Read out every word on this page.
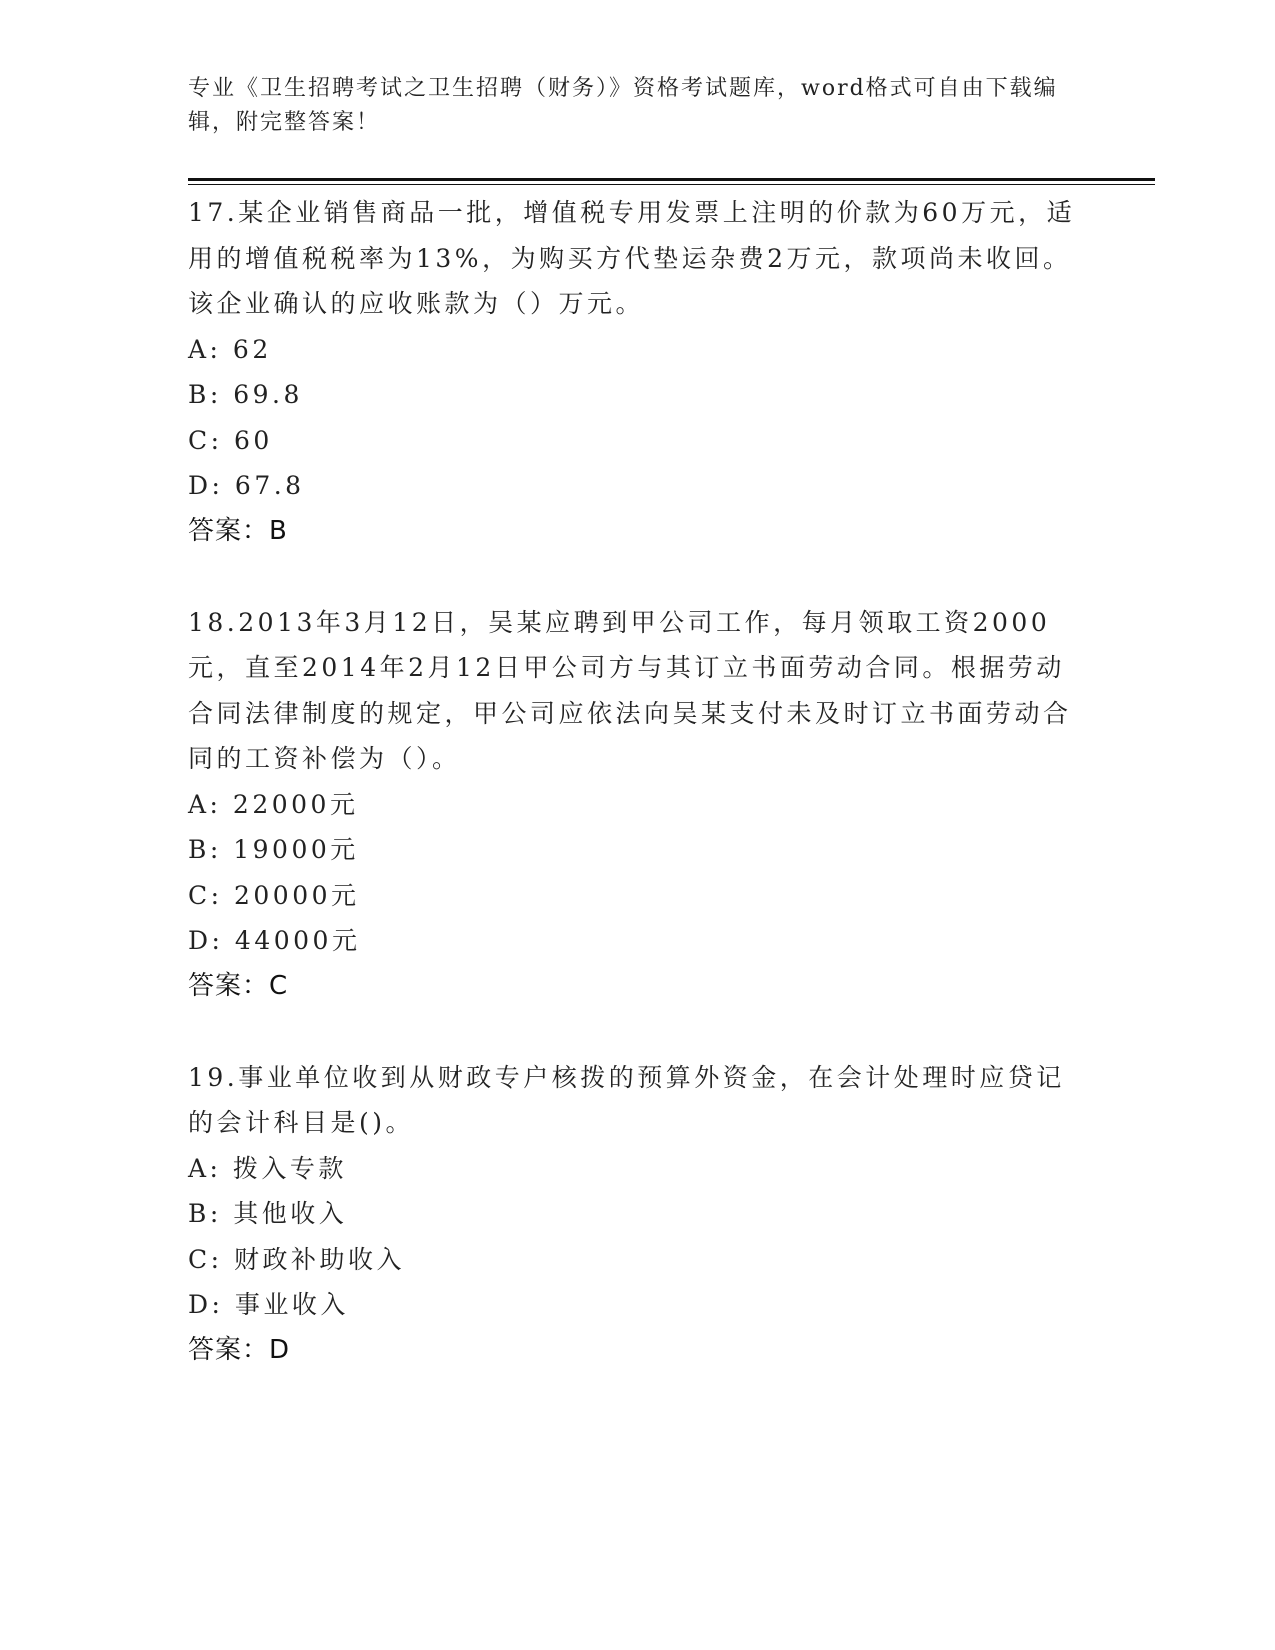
专业《卫生招聘考试之卫生招聘（财务）》资格考试题库，word格式可自由下载编辑，附完整答案！
17.某企业销售商品一批，增值税专用发票上注明的价款为60万元，适用的增值税税率为13%，为购买方代垫运杂费2万元，款项尚未收回。该企业确认的应收账款为（）万元。
A: 62
B: 69.8
C: 60
D: 67.8
答案：B
18.2013年3月12日，吴某应聘到甲公司工作，每月领取工资2000元，直至2014年2月12日甲公司方与其订立书面劳动合同。根据劳动合同法律制度的规定，甲公司应依法向吴某支付未及时订立书面劳动合同的工资补偿为（）。
A: 22000元
B: 19000元
C: 20000元
D: 44000元
答案：C
19.事业单位收到从财政专户核拨的预算外资金，在会计处理时应贷记的会计科目是()。
A: 拨入专款
B: 其他收入
C: 财政补助收入
D: 事业收入
答案：D
